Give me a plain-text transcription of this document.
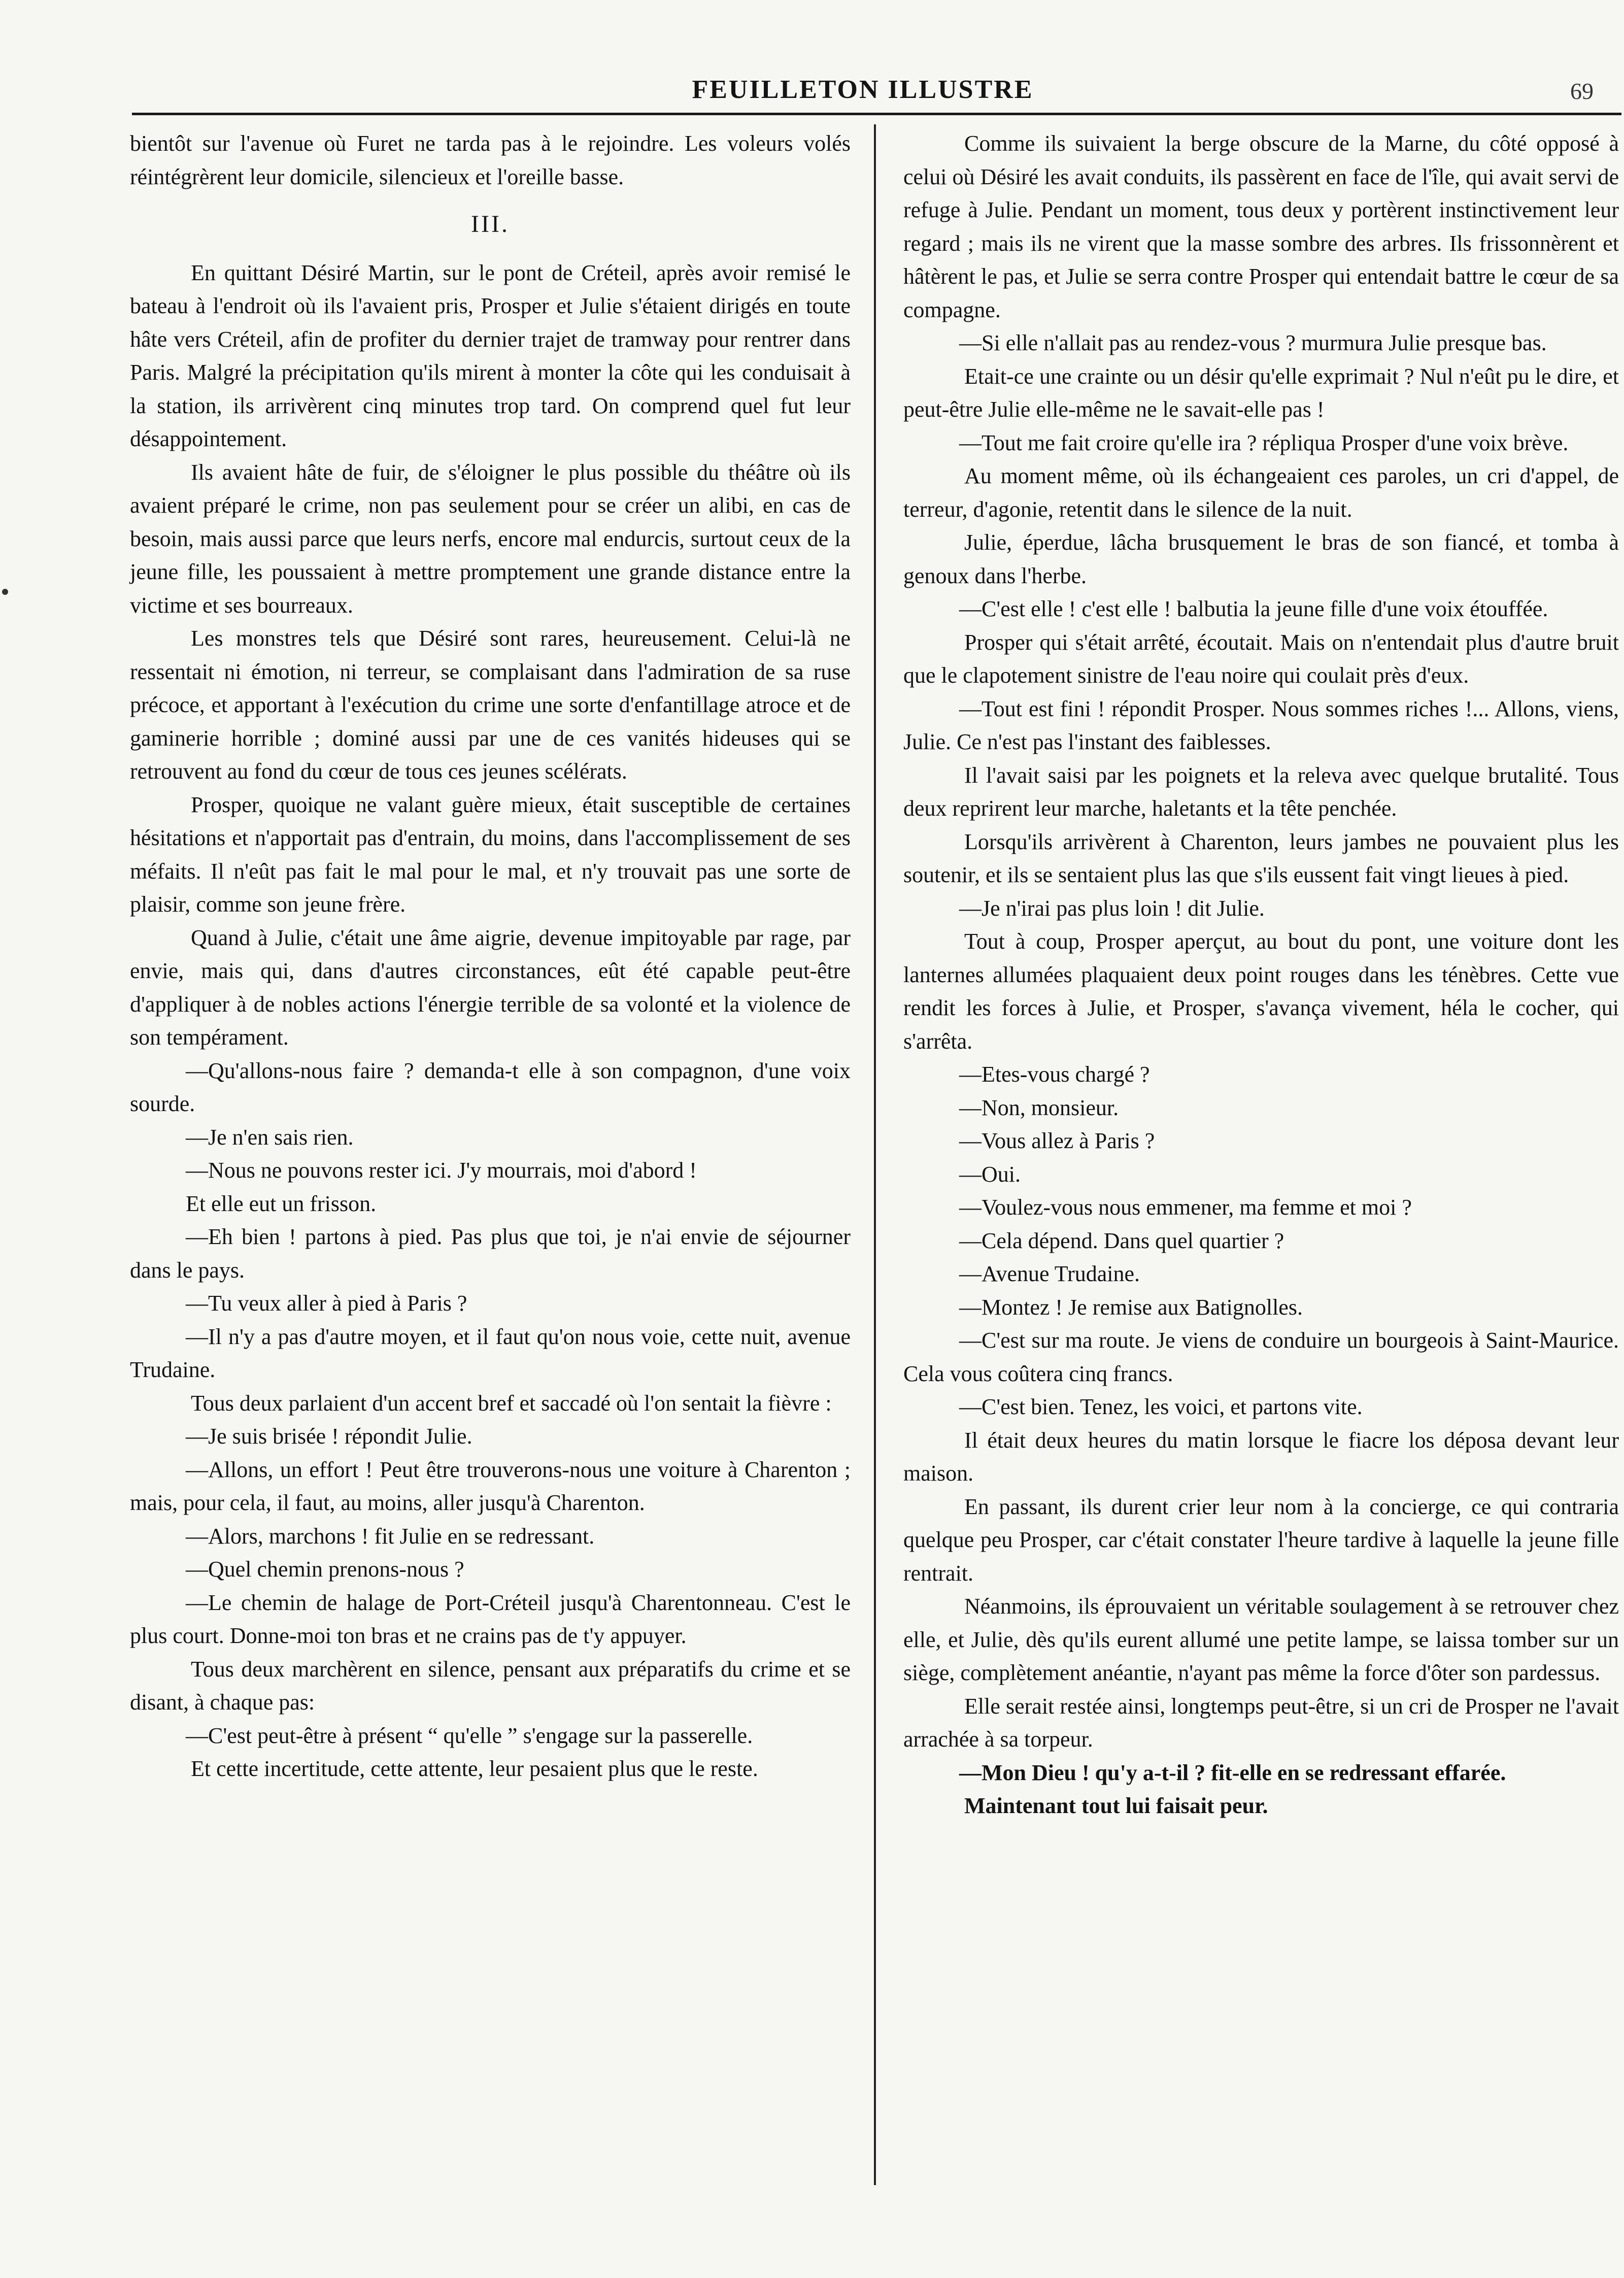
FEUILLETON ILLUSTRE	69

bientôt sur l'avenue où Furet ne tarda pas à le rejoindre. Les voleurs volés réintégrèrent leur domicile, silencieux et l'oreille basse.

III.

En quittant Désiré Martin, sur le pont de Créteil, après avoir remisé le bateau à l'endroit où ils l'avaient pris, Prosper et Julie s'étaient dirigés en toute hâte vers Créteil, afin de profiter du dernier trajet de tramway pour rentrer dans Paris. Malgré la précipitation qu'ils mirent à monter la côte qui les conduisait à la station, ils arrivèrent cinq minutes trop tard. On comprend quel fut leur désappointement.

Ils avaient hâte de fuir, de s'éloigner le plus possible du théâtre où ils avaient préparé le crime, non pas seulement pour se créer un alibi, en cas de besoin, mais aussi parce que leurs nerfs, encore mal endurcis, surtout ceux de la jeune fille, les poussaient à mettre promptement une grande distance entre la victime et ses bourreaux.

Les monstres tels que Désiré sont rares, heureusement. Celui-là ne ressentait ni émotion, ni terreur, se complaisant dans l'admiration de sa ruse précoce, et apportant à l'exécution du crime une sorte d'enfantillage atroce et de gaminerie horrible ; dominé aussi par une de ces vanités hideuses qui se retrouvent au fond du cœur de tous ces jeunes scélérats.

Prosper, quoique ne valant guère mieux, était susceptible de certaines hésitations et n'apportait pas d'entrain, du moins, dans l'accomplissement de ses méfaits. Il n'eût pas fait le mal pour le mal, et n'y trouvait pas une sorte de plaisir, comme son jeune frère.

Quand à Julie, c'était une âme aigrie, devenue impitoyable par rage, par envie, mais qui, dans d'autres circonstances, eût été capable peut-être d'appliquer à de nobles actions l'énergie terrible de sa volonté et la violence de son tempérament.

—Qu'allons-nous faire ? demanda-t elle à son compagnon, d'une voix sourde.

—Je n'en sais rien.

—Nous ne pouvons rester ici. J'y mourrais, moi d'abord !

Et elle eut un frisson.

—Eh bien ! partons à pied. Pas plus que toi, je n'ai envie de séjourner dans le pays.

—Tu veux aller à pied à Paris ?

—Il n'y a pas d'autre moyen, et il faut qu'on nous voie, cette nuit, avenue Trudaine.

Tous deux parlaient d'un accent bref et saccadé où l'on sentait la fièvre :

—Je suis brisée ! répondit Julie.

—Allons, un effort ! Peut être trouverons-nous une voiture à Charenton ; mais, pour cela, il faut, au moins, aller jusqu'à Charenton.

—Alors, marchons ! fit Julie en se redressant.

—Quel chemin prenons-nous ?

—Le chemin de halage de Port-Créteil jusqu'à Charentonneau. C'est le plus court. Donne-moi ton bras et ne crains pas de t'y appuyer.

Tous deux marchèrent en silence, pensant aux préparatifs du crime et se disant, à chaque pas:

—C'est peut-être à présent “ qu'elle ” s'engage sur la passerelle.

Et cette incertitude, cette attente, leur pesaient plus que le reste.

Comme ils suivaient la berge obscure de la Marne, du côté opposé à celui où Désiré les avait conduits, ils passèrent en face de l'île, qui avait servi de refuge à Julie. Pendant un moment, tous deux y portèrent instinctivement leur regard ; mais ils ne virent que la masse sombre des arbres. Ils frissonnèrent et hâtèrent le pas, et Julie se serra contre Prosper qui entendait battre le cœur de sa compagne.

—Si elle n'allait pas au rendez-vous ? murmura Julie presque bas.

Etait-ce une crainte ou un désir qu'elle exprimait ? Nul n'eût pu le dire, et peut-être Julie elle-même ne le savait-elle pas !

—Tout me fait croire qu'elle ira ? répliqua Prosper d'une voix brève.

Au moment même, où ils échangeaient ces paroles, un cri d'appel, de terreur, d'agonie, retentit dans le silence de la nuit.

Julie, éperdue, lâcha brusquement le bras de son fiancé, et tomba à genoux dans l'herbe.

—C'est elle ! c'est elle ! balbutia la jeune fille d'une voix étouffée.

Prosper qui s'était arrêté, écoutait. Mais on n'entendait plus d'autre bruit que le clapotement sinistre de l'eau noire qui coulait près d'eux.

—Tout est fini ! répondit Prosper. Nous sommes riches !... Allons, viens, Julie. Ce n'est pas l'instant des faiblesses.

Il l'avait saisi par les poignets et la releva avec quelque brutalité. Tous deux reprirent leur marche, haletants et la tête penchée.

Lorsqu'ils arrivèrent à Charenton, leurs jambes ne pouvaient plus les soutenir, et ils se sentaient plus las que s'ils eussent fait vingt lieues à pied.

—Je n'irai pas plus loin ! dit Julie.

Tout à coup, Prosper aperçut, au bout du pont, une voiture dont les lanternes allumées plaquaient deux point rouges dans les ténèbres. Cette vue rendit les forces à Julie, et Prosper, s'avança vivement, héla le cocher, qui s'arrêta.

—Etes-vous chargé ?

—Non, monsieur.

—Vous allez à Paris ?

—Oui.

—Voulez-vous nous emmener, ma femme et moi ?

—Cela dépend. Dans quel quartier ?

—Avenue Trudaine.

—Montez ! Je remise aux Batignolles.

—C'est sur ma route. Je viens de conduire un bourgeois à Saint-Maurice. Cela vous coûtera cinq francs.

—C'est bien. Tenez, les voici, et partons vite.

Il était deux heures du matin lorsque le fiacre los déposa devant leur maison.

En passant, ils durent crier leur nom à la concierge, ce qui contraria quelque peu Prosper, car c'était constater l'heure tardive à laquelle la jeune fille rentrait.

Néanmoins, ils éprouvaient un véritable soulagement à se retrouver chez elle, et Julie, dès qu'ils eurent allumé une petite lampe, se laissa tomber sur un siège, complètement anéantie, n'ayant pas même la force d'ôter son pardessus.

Elle serait restée ainsi, longtemps peut-être, si un cri de Prosper ne l'avait arrachée à sa torpeur.

—Mon Dieu ! qu'y a-t-il ? fit-elle en se redressant effarée.

Maintenant tout lui faisait peur.
